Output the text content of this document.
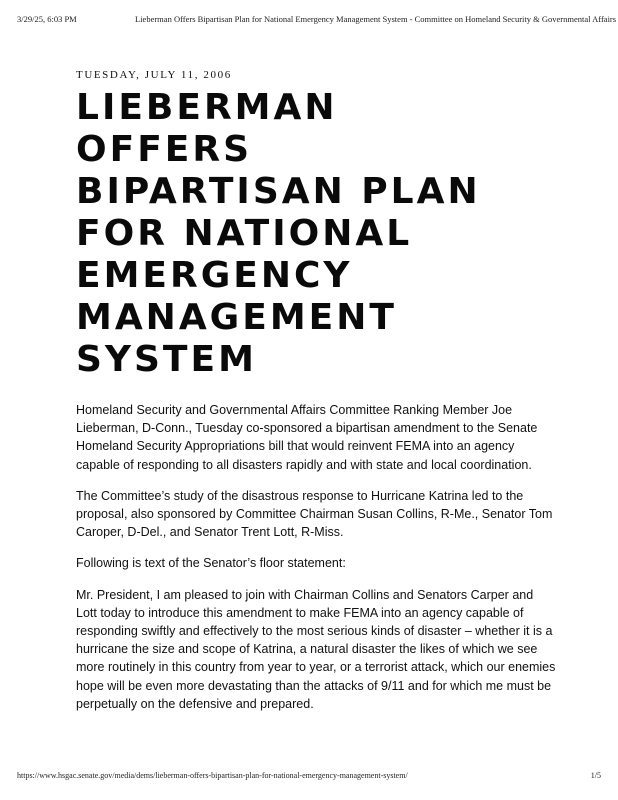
3/29/25, 6:03 PM	Lieberman Offers Bipartisan Plan for National Emergency Management System - Committee on Homeland Security & Governmental Affairs
TUESDAY, JULY 11, 2006
LIEBERMAN
OFFERS
BIPARTISAN PLAN
FOR NATIONAL
EMERGENCY
MANAGEMENT
SYSTEM

Homeland Security and Governmental Affairs Committee Ranking Member Joe Lieberman, D-Conn., Tuesday co-sponsored a bipartisan amendment to the Senate Homeland Security Appropriations bill that would reinvent FEMA into an agency capable of responding to all disasters rapidly and with state and local coordination.

The Committee’s study of the disastrous response to Hurricane Katrina led to the proposal, also sponsored by Committee Chairman Susan Collins, R-Me., Senator Tom Caroper, D-Del., and Senator Trent Lott, R-Miss.

Following is text of the Senator’s floor statement:

Mr. President, I am pleased to join with Chairman Collins and Senators Carper and Lott today to introduce this amendment to make FEMA into an agency capable of responding swiftly and effectively to the most serious kinds of disaster – whether it is a hurricane the size and scope of Katrina, a natural disaster the likes of which we see more routinely in this country from year to year, or a terrorist attack, which our enemies hope will be even more devastating than the attacks of 9/11 and for which me must be perpetually on the defensive and prepared.

https://www.hsgac.senate.gov/media/dems/lieberman-offers-bipartisan-plan-for-national-emergency-management-system/	1/5
